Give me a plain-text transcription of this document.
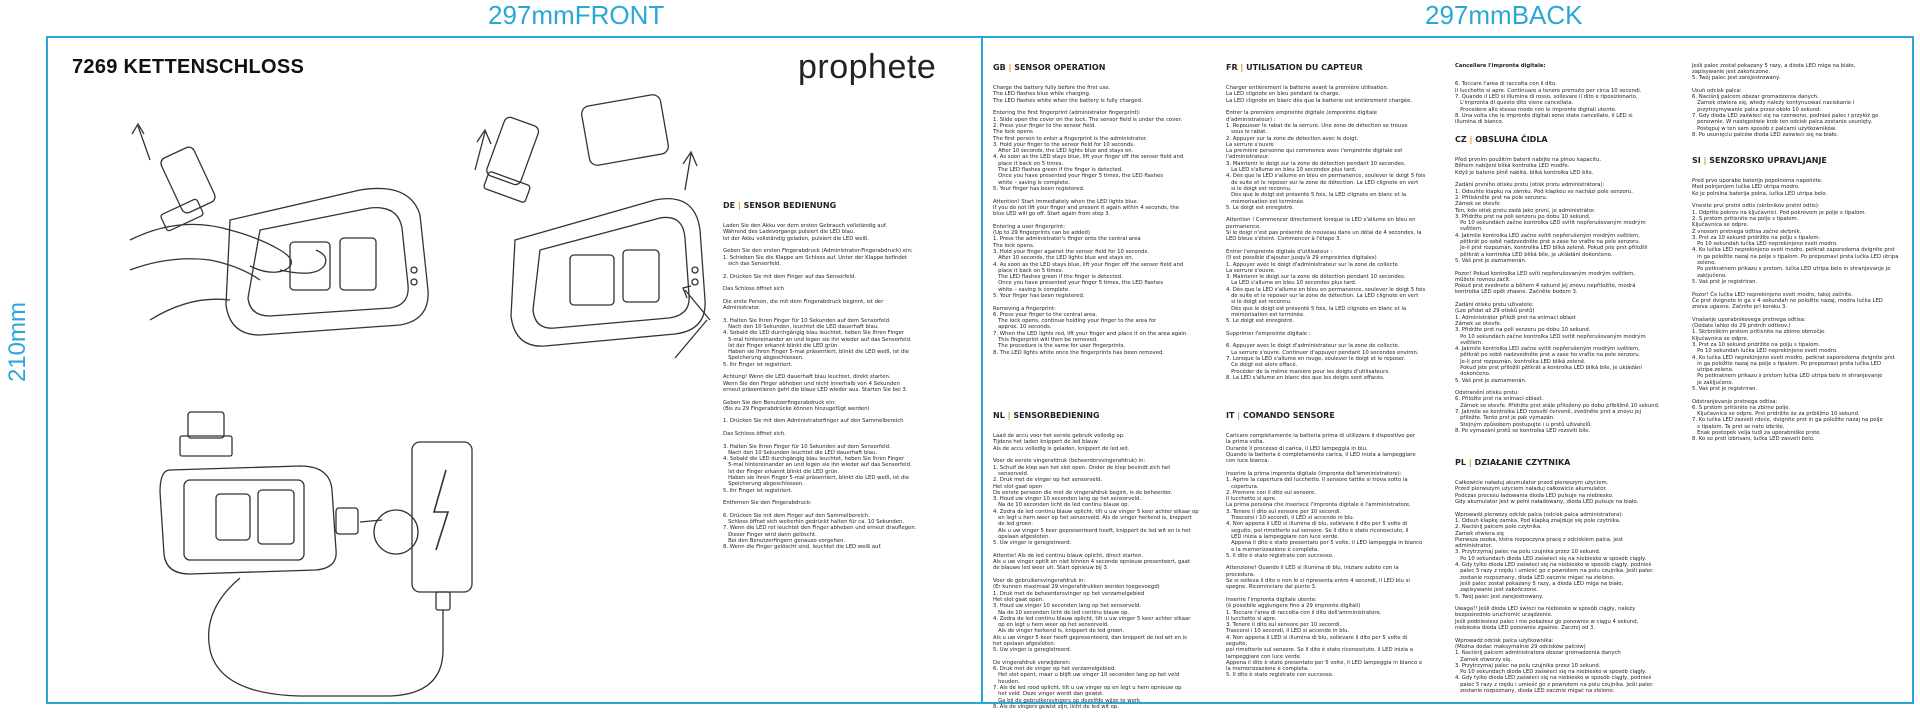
297mmFRONT	297mmBACK
210mm
7269 KETTENSCHLOSS	prophete

DE | SENSOR BEDIENUNG

Laden Sie den Akku vor dem ersten Gebrauch vollständig auf.
Während des Ladevorgangs pulsiert die LED blau.
Ist der Akku vollständig geladen, pulsiert die LED weiß.

Geben Sie den ersten Fingerabdruck (Administrator-Fingerabdruck) ein:
1. Schieben Sie die Klappe am Schloss auf. Unter der Klappe befindet
sich das Sensorfeld.

2. Drücken Sie mit dem Finger auf das Sensorfeld.

Das Schloss öffnet sich

Die erste Person, die mit dem Fingerabdruck beginnt, ist der
Administrator.

3. Halten Sie Ihren Finger für 10 Sekunden auf dem Sensorfeld.
Nach den 10 Sekunden, leuchtet die LED dauerhaft blau.
4. Sobald die LED durchgängig blau leuchtet, heben Sie Ihren Finger
5-mal hintereinander an und legen sie ihn wieder auf das Sensorfeld.
Ist der Finger erkannt blinkt die LED grün.
Haben sie Ihren Finger 5-mal präsentiert, blinkt die LED weiß, ist die
Speicherung abgeschlossen.
5. Ihr Finger ist registriert.

Achtung! Wenn die LED dauerhaft blau leuchtet, direkt starten.
Wenn Sie den Finger abheben und nicht innerhalb von 4 Sekunden
erneut präsentieren geht die blaue LED wieder aus. Starten Sie bei 3.

Geben Sie den Benutzerfingerabdruck ein:
(Bis zu 29 Fingerabdrücke können hinzugefügt werden)

1. Drücken Sie mit dem Administratorfinger auf den Sammelbereich

Das Schloss öffnet sich.

3. Halten Sie Ihren Finger für 10 Sekunden auf dem Sensorfeld.
Nach den 10 Sekunden leuchtet die LED dauerhaft blau.
4. Sobald die LED durchgängig blau leuchtet, heben Sie Ihren Finger
5-mal hintereinander an und legen sie ihn wieder auf das Sensorfeld.
Ist der Finger erkannt blinkt die LED grün.
Haben sie Ihren Finger 5-mal präsentiert, blinkt die LED weiß, ist die
Speicherung abgeschlossen.
5. Ihr Finger ist registriert.

Entfernen Sie den Fingerabdruck:

6. Drücken Sie mit dem Finger auf den Sammelbereich.
Schloss öffnet sich weiterhin gedrückt halten für ca. 10 Sekunden.
7. Wenn die LED rot leuchtet den Finger abheben und erneut drauflegen.
Dieser Finger wird dann gelöscht.
Bei den Benutzerfingern genauso vorgehen.
8. Wenn die Finger gelöscht sind, leuchtet die LED weiß auf.

GB | SENSOR OPERATION

Charge the battery fully before the first use.
The LED flashes blue while charging.
The LED flashes white when the battery is fully charged.

Entering the first fingerprint (administrator fingerprint):
1. Slide open the cover on the lock. The sensor field is under the cover.
2. Press your finger to the sensor field.
The lock opens
The first person to enter a fingerprint is the administrator.
3. Hold your finger to the sensor field for 10 seconds.
After 10 seconds, the LED lights blue and stays on.
4. As soon as the LED stays blue, lift your finger off the sensor field and
place it back on 5 times.
The LED flashes green if the finger is detected.
Once you have presented your finger 5 times, the LED flashes
white – saving is complete.
5. Your finger has been registered.

Attention! Start immediately when the LED lights blue.
If you do not lift your finger and present it again within 4 seconds, the
blue LED will go off. Start again from step 3.

Entering a user fingerprint:
(Up to 29 fingerprints can be added)
1. Press the administrator's finger onto the central area
The lock opens.
3. Hold your finger against the sensor field for 10 seconds.
After 10 seconds, the LED lights blue and stays on.
4. As soon as the LED stays blue, lift your finger off the sensor field and
place it back on 5 times.
The LED flashes green if the finger is detected.
Once you have presented your finger 5 times, the LED flashes
white – saving is complete.
5. Your finger has been registered.

Removing a fingerprint:
6. Press your finger to the central area.
The lock opens, continue holding your finger to the area for
approx. 10 seconds.
7. When the LED lights red, lift your finger and place it on the area again.
This fingerprint will then be removed.
The procedure is the same for user fingerprints.
8. The LED lights white once the fingerprints has been removed.

NL | SENSORBEDIENING

Laad de accu voor het eerste gebruik volledig op.
Tijdens het laden knippert de led blauw
Als de accu volledig is geladen, knippert de led wit.

Voer de eerste vingerafdruk (beheerdersvingerafdruk) in:
1. Schuif de klep aan het slot open. Onder de klep bevindt zich het
sensorveld.
2. Druk met de vinger op het sensorveld.
Het slot gaat open
De eerste persoon die met de vingerafdruk begint, is de beheerder.
3. Houd uw vinger 10 seconden lang op het sensorveld.
Na de 10 seconden licht de led continu blauw op.
4. Zodra de led continu blauw oplicht, tilt u uw vinger 5 keer achter elkaar op
en legt u hem weer op het sensorveld. Als de vinger herkend is, knippert
de led groen.
Als u uw vinger 5 keer gepresenteerd heeft, knippert de led wit en is het
opslaan afgesloten.
5. Uw vinger is geregistreerd.

Attentie! Als de led continu blauw oplicht, direct starten.
Als u uw vinger optilt en niet binnen 4 seconde opnieuw presenteert, gaat
de blauwe led weer uit. Start opnieuw bij 3.

Voer de gebruikersvingerafdruk in:
(Er kunnen maximaal 29 vingerafdrukken worden toegevoegd)
1. Druk met de beheerdersvinger op het verzamelgebied
Het slot gaat open.
3. Houd uw vinger 10 seconden lang op het sensorveld.
Na de 10 seconden licht de led continu blauw op.
4. Zodra de led continu blauw oplicht, tilt u uw vinger 5 keer achter elkaar
op en legt u hem weer op het sensorveld.
Als de vinger herkend is, knippert de led groen.
Als u uw vinger 5 keer heeft gepresenteerd, dan knippert de led wit en is
het opslaan afgesloten.
5. Uw vinger is geregistreerd.

De vingerafdruk verwijderen:
6. Druk met de vinger op het verzamelgebied.
Het slot opent, maar u blijft uw vinger 10 seconden lang op het veld
houden.
7. Als de led rood oplicht, tilt u uw vinger op en legt u hem opnieuw op
het veld. Deze vinger wordt dan gewist.
Ga bij de gebruikersvingers op dezelfde wijze te werk.
8. Als de vingers gewist zijn, licht de led wit op.

FR | UTILISATION DU CAPTEUR

Charger entièrement la batterie avant la première utilisation.
La LED clignote en bleu pendant la charge.
La LED clignote en blanc dès que la batterie est entièrement chargée.

Entrer la première empreinte digitale (empreinte digitale
d'administrateur) :
1. Repousser le rabat de la serrure. Une zone de détection se trouve
sous le rabat.
2. Appuyer sur la zone de détection avec le doigt.
La serrure s'ouvre
La première personne qui commence avec l'empreinte digitale est
l'administrateur.
3. Maintenir le doigt sur la zone de détection pendant 10 secondes.
La LED s'allume en bleu 10 secondes plus tard.
4. Dès que la LED s'allume en bleu en permanence, soulever le doigt 5 fois
de suite et le reposer sur la zone de détection. La LED clignote en vert
si le doigt est reconnu.
Dès que le doigt est présenté 5 fois, la LED clignote en blanc et la
mémorisation est terminée.
5. Le doigt est enregistré.

Attention ! Commencer directement lorsque la LED s'allume en bleu en
permanence.
Si le doigt n'est pas présenté de nouveau dans un délai de 4 secondes, la
LED bleue s'éteint. Commencer à l'étape 3.

Entrer l'empreinte digitale d'utilisateur :
(Il est possible d'ajouter jusqu'à 29 empreintes digitales)
1. Appuyer avec le doigt d'administrateur sur la zone de collecte
La serrure s'ouvre.
3. Maintenir le doigt sur la zone de détection pendant 10 secondes.
La LED s'allume en bleu 10 secondes plus tard.
4. Dès que la LED s'allume en bleu en permanence, soulever le doigt 5 fois
de suite et le reposer sur la zone de détection. La LED clignote en vert
si le doigt est reconnu.
Dès que le doigt est présenté 5 fois, la LED clignote en blanc et la
mémorisation est terminée.
5. Le doigt est enregistré.

Supprimer l'empreinte digitale :

6. Appuyer avec le doigt d'administrateur sur la zone de collecte.
La serrure s'ouvre. Continuer d'appuyer pendant 10 secondes environ.
7. Lorsque la LED s'allume en rouge, soulever le doigt et le reposer.
Ce doigt est alors effacé.
Procéder de la même manière pour les doigts d'utilisateurs.
8. La LED s'allume en blanc dès que les doigts sont effacés.

IT | COMANDO SENSORE

Caricare completamente la batteria prima di utilizzare il dispositivo per
la prima volta.
Durante il processo di carica, il LED lampeggia in blu.
Quando la batteria è completamente carica, il LED inizia a lampeggiare
con luce bianca.

Inserire la prima impronta digitale (impronta dell'amministratore):
1. Aprire la copertura del lucchetto. Il sensore tattile si trova sotto la
copertura.
2. Premere con il dito sul sensore.
Il lucchetto si apre.
La prima persona che inserisce l'impronta digitale è l'amministratore.
3. Tenere il dito sul sensore per 10 secondi.
Trascorsi i 10 secondi, il LED si accende in blu.
4. Non appena il LED si illumina di blu, sollevare il dito per 5 volte di
seguito, poi rimetterlo sul sensore. Se il dito è stato riconosciuto, il
LED inizia a lampeggiare con luce verde.
Appena il dito è stato presentato per 5 volte, il LED lampeggia in bianco
e la memorizzazione è completa.
5. Il dito è stato registrato con successo.

Attenzione! Quando il LED si illumina di blu, iniziare subito con la
procedura.
Se si solleva il dito e non lo si ripresenta entro 4 secondi, il LED blu si
spegne. Ricominciare dal punto 3.

Inserire l'impronta digitale utente:
(è possibile aggiungere fino a 29 impronte digitali)
1. Toccare l'area di raccolta con il dito dell'amministratore.
Il lucchetto si apre.
3. Tenere il dito sul sensore per 10 secondi.
Trascorsi i 10 secondi, il LED si accende in blu.
4. Non appena il LED si illumina di blu, sollevare il dito per 5 volte di
seguito,
poi rimetterlo sul sensore. Se il dito è stato riconosciuto, il LED inizia a
lampeggiare con luce verde.
Appena il dito è stato presentato per 5 volte, il LED lampeggia in bianco e
la memorizzazione è completa.
5. Il dito è stato registrato con successo.

Cancellare l'impronta digitale:

6. Toccare l'area di raccolta con il dito.
Il lucchetto si apre. Continuare a tenere premuto per circa 10 secondi.
7. Quando il LED si illumina di rosso, sollevare il dito e riposizionarlo.
L'impronta di questo dito viene cancellata.
Procedere allo stesso modo con le impronte digitali utente.
8. Una volta che le impronte digitali sono state cancellate, il LED si
illumina di bianco.

CZ | OBSLUHA ČIDLA

Před prvním použitím baterii nabijte na plnou kapacitu.
Během nabíjení bliká kontrolka LED modře.
Když je baterie plně nabitá, bliká kontrolka LED bíle.

Zadání prvního otisku prstu (otisk prstu administrátora):
1. Odsuňte klapku na zámku. Pod klapkou se nachází pole senzoru.
2. Přitiskněte prst na pole senzoru.
Zámek se otevře
Ten, kdo otisk prstu zadá jako první, je administrátor.
3. Přidržte prst na poli senzoru po dobu 10 sekund.
Po 10 sekundách začne kontrolka LED svítit nepřerušovaným modrým
světlem.
4. Jakmile kontrolka LED začne svítit nepřerušeným modrým světlem,
pětkrát po sobě nadzvedněte prst a zase ho vraťte na pole senzoru.
Je-li prst rozpoznán, kontrolka LED bliká zeleně. Pokud jste prst přiložili
pětkrát a kontrolka LED bliká bíle, je ukládání dokončeno.
5. Váš prst je zaznamenán.

Pozor! Pokud kontrolka LED svítí nepřerušovaným modrým světlem,
můžete rovnou začít.
Pokud prst zvednete a během 4 sekund jej znovu nepřiložíte, modrá
kontrolka LED opět zhasne. Začněte bodem 3.

Zadání otisku prstu uživatele:
(Lze přidat až 29 otisků prstů)
1. Administrátor přiloží prst na snímací oblast
Zámek se otevře.
3. Přidržte prst na poli senzoru po dobu 10 sekund.
Po 10 sekundách začne kontrolka LED svítit nepřerušovaným modrým
světlem.
4. Jakmile kontrolka LED začne svítit nepřerušeným modrým světlem,
pětkrát po sobě nadzvedněte prst a zase ho vraťte na pole senzoru.
Je-li prst rozpoznán, kontrolka LED bliká zeleně.
Pokud jste prst přiložili pětkrát a kontrolka LED bliká bíle, je ukládání
dokončeno.
5. Váš prst je zaznamenán.

Odstranění otisku prstu:
6. Přiložte prst na snímací oblast.
Zámek se otevře. Přidržte prst stále přiložený po dobu přibližně 10 sekund.
7. Jakmile se kontrolka LED rozsvítí červeně, zvedněte prst a znovu jej
přiložte. Tento prst je pak vymazán.
Stejným způsobem postupujte i u prstů uživatelů.
8. Po vymazání prstů se kontrolka LED rozsvítí bíle.

PL | DZIAŁANIE CZYTNIKA

Całkowicie naładuj akumulator przed pierwszym użyciem.
Przed pierwszym użyciem naładuj całkowicie akumulator.
Podczas procesu ładowania dioda LED pulsuje na niebiesko.
Gdy akumulator jest w pełni naładowany, dioda LED pulsuje na biało.

Wprowadź pierwszy odcisk palca (odcisk palca administratora):
1. Odsuń klapkę zamka. Pod klapką znajduje się pole czytnika.
2. Naciśnij palcem pole czytnika.
Zamek otwiera się
Pierwsza osoba, która rozpoczyna pracę z odciskiem palca, jest
administrator.
3. Przytrzymaj palec na polu czujnika przez 10 sekund.
Po 10 sekundach dioda LED zaświeci się na niebiesko w sposób ciągły.
4. Gdy tylko dioda LED zaświeci się na niebiesko w sposób ciągły, podnieś
palec 5 razy z rzędu i umieść go z powrotem na polu czujnika. Jeśli palec
zostanie rozpoznany, dioda LED zacznie migać na zielono.
Jeśli palec został pokazany 5 razy, a dioda LED miga na biało,
zapisywanie jest zakończone.
5. Twój palec jest zarejestrowany.

Uwaga!! Jeśli dioda LED świeci na niebiesko w sposób ciągły, należy
bezpośrednio uruchomić urządzenie.
Jeśli podniesiesz palec i nie pokażesz go ponownie w ciągu 4 sekund,
niebieska dioda LED ponownie zgaśnie. Zacznij od 3.

Wprowadź odcisk palca użytkownika:
(Można dodać maksymalnie 29 odcisków palców)
1. Naciśnij palcem administratora obszar gromadzenia danych
Zamek otworzy się.
3. Przytrzymaj palec na polu czujnika przez 10 sekund.
Po 10 sekundach dioda LED zaświeci się na niebiesko w sposób ciągły.
4. Gdy tylko dioda LED zaświeci się na niebiesko w sposób ciągły, podnieś
palec 5 razy z rzędu i umieść go z powrotem na polu czujnika. Jeśli palec
zostanie rozpoznany, dioda LED zacznie migać na zielono.

Jeśli palec został pokazany 5 razy, a dioda LED miga na biało,
zapisywanie jest zakończone.
5. Twój palec jest zarejestrowany.

Usuń odcisk palca:
6. Naciśnij palcem obszar gromadzenia danych.
Zamek otwiera się, wtedy należy kontynuować naciskanie i
przytrzymywanie palca przez około 10 sekund.
7. Gdy dioda LED zaświeci się na czerwono, podnieś palec i przyłóż go
ponownie. W następstwie krok ten odcisk palca zostanie usunięty.
Postępuj w ten sam sposób z palcami użytkowników.
8. Po usunięciu palców dioda LED zaświeci się na biało.

SI | SENZORSKO UPRAVLJANJE

Pred prvo uporabo baterijo popolnoma napolnite.
Med polnjenjem lučka LED utripa modro.
Ko je polnilna baterija polna, lučka LED utripa belo.

Vnesite prvi prstni odtis (skrbnikov prstni odtis):
1. Odprite pokrov na ključavnici. Pod pokrovom je polje s tipalom.
2. S prstom pritisnite na polje s tipalom.
Ključavnica se odpre.
Z vnosom prstnega odtisa začne skrbnik.
3. Prst za 10 sekund pridržite na polju s tipalom.
Po 10 sekundah lučka LED neprekinjeno sveti modro.
4. Ko lučka LED neprekinjeno sveti modro, petkrat zaporedoma dvignite prst
in ga položite nazaj na polje s tipalom. Po prepoznavi prsta lučka LED utripa
zeleno.
Po petkratnem prikazu s prstom, lučka LED utripa belo in shranjevanje je
zaključeno.
5. Vaš prst je registriran.

Pozor! Če lučka LED neprekinjeno sveti modro, takoj začnite.
Če prst dvignete in ga v 4 sekundah ne položite nazaj, modra lučka LED
znova ugasne. Začnite pri koraku 3.

Vnašanje uporabnikovega prstnega odtisa:
(Dodate lahko do 29 prstnih odtisov.)
1. Skrbniškim prstom pritisnite na zbirno območje.
Ključavnica se odpre.
3. Prst za 10 sekund pridržite na polju s tipalom.
Po 10 sekundah lučka LED neprekinjeno sveti modro.
4. Ko lučka LED neprekinjeno sveti modro, petkrat zaporedoma dvignite prst
in ga položite nazaj na polje s tipalom. Po prepoznavi prsta lučka LED
utripa zeleno.
Po petkratnem prikazu s prstom lučka LED utripa belo in shranjevanje
je zaključeno.
5. Vaš prst je registriran.

Odstranjevanje prstnega odtisa:
6. S prstom pritisnite na zbirno polje.
Ključavnica se odpre. Prst pridržite še za približno 10 sekund.
7. Ko lučka LED zasveti rdeče, dvignite prst in ga položite nazaj na polje
s tipalom. Ta prst se nato izbriše.
Enak postopek velja tudi za uporabniške prste.
8. Ko so prsti izbrisani, lučka LED zasveti belo.
